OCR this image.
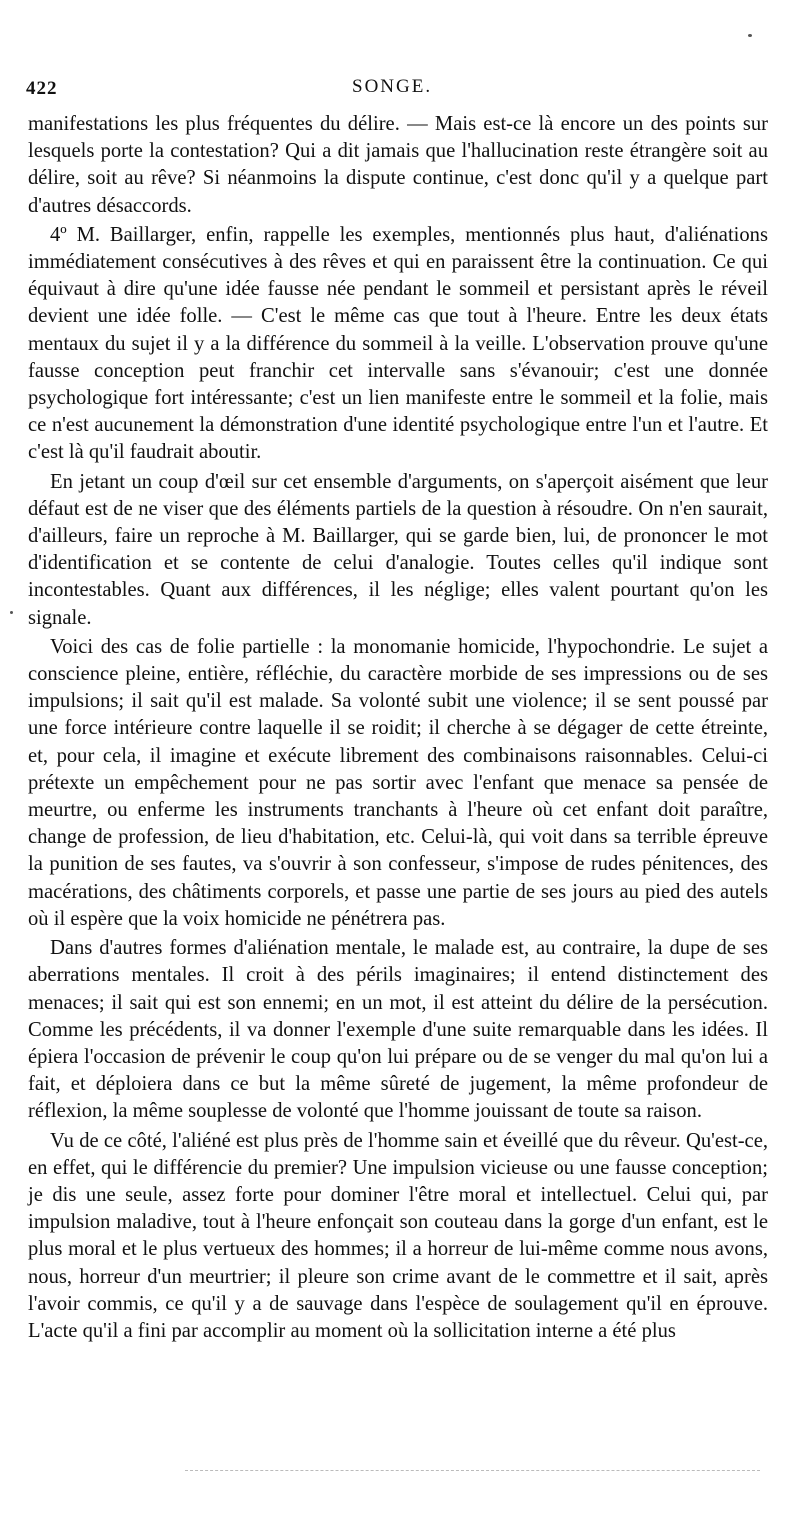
422	SONGE.

manifestations les plus fréquentes du délire. — Mais est-ce là encore un des points sur lesquels porte la contestation? Qui a dit jamais que l'hallucination reste étrangère soit au délire, soit au rêve? Si néanmoins la dispute continue, c'est donc qu'il y a quelque part d'autres désaccords.

4º M. Baillarger, enfin, rappelle les exemples, mentionnés plus haut, d'aliénations immédiatement consécutives à des rêves et qui en paraissent être la continuation. Ce qui équivaut à dire qu'une idée fausse née pendant le sommeil et persistant après le réveil devient une idée folle. — C'est le même cas que tout à l'heure. Entre les deux états mentaux du sujet il y a la différence du sommeil à la veille. L'observation prouve qu'une fausse conception peut franchir cet intervalle sans s'évanouir; c'est une donnée psychologique fort intéressante; c'est un lien manifeste entre le sommeil et la folie, mais ce n'est aucunement la démonstration d'une identité psychologique entre l'un et l'autre. Et c'est là qu'il faudrait aboutir.

En jetant un coup d'œil sur cet ensemble d'arguments, on s'aperçoit aisément que leur défaut est de ne viser que des éléments partiels de la question à résoudre. On n'en saurait, d'ailleurs, faire un reproche à M. Baillarger, qui se garde bien, lui, de prononcer le mot d'identification et se contente de celui d'analogie. Toutes celles qu'il indique sont incontestables. Quant aux différences, il les néglige; elles valent pourtant qu'on les signale.

Voici des cas de folie partielle : la monomanie homicide, l'hypochondrie. Le sujet a conscience pleine, entière, réfléchie, du caractère morbide de ses impressions ou de ses impulsions; il sait qu'il est malade. Sa volonté subit une violence; il se sent poussé par une force intérieure contre laquelle il se roidit; il cherche à se dégager de cette étreinte, et, pour cela, il imagine et exécute librement des combinaisons raisonnables. Celui-ci prétexte un empêchement pour ne pas sortir avec l'enfant que menace sa pensée de meurtre, ou enferme les instruments tranchants à l'heure où cet enfant doit paraître, change de profession, de lieu d'habitation, etc. Celui-là, qui voit dans sa terrible épreuve la punition de ses fautes, va s'ouvrir à son confesseur, s'impose de rudes pénitences, des macérations, des châtiments corporels, et passe une partie de ses jours au pied des autels où il espère que la voix homicide ne pénétrera pas.

Dans d'autres formes d'aliénation mentale, le malade est, au contraire, la dupe de ses aberrations mentales. Il croit à des périls imaginaires; il entend distinctement des menaces; il sait qui est son ennemi; en un mot, il est atteint du délire de la persécution. Comme les précédents, il va donner l'exemple d'une suite remarquable dans les idées. Il épiera l'occasion de prévenir le coup qu'on lui prépare ou de se venger du mal qu'on lui a fait, et déploiera dans ce but la même sûreté de jugement, la même profondeur de réflexion, la même souplesse de volonté que l'homme jouissant de toute sa raison.

Vu de ce côté, l'aliéné est plus près de l'homme sain et éveillé que du rêveur. Qu'est-ce, en effet, qui le différencie du premier? Une impulsion vicieuse ou une fausse conception; je dis une seule, assez forte pour dominer l'être moral et intellectuel. Celui qui, par impulsion maladive, tout à l'heure enfonçait son couteau dans la gorge d'un enfant, est le plus moral et le plus vertueux des hommes; il a horreur de lui-même comme nous avons, nous, horreur d'un meurtrier; il pleure son crime avant de le commettre et il sait, après l'avoir commis, ce qu'il y a de sauvage dans l'espèce de soulagement qu'il en éprouve. L'acte qu'il a fini par accomplir au moment où la sollicitation interne a été plus
